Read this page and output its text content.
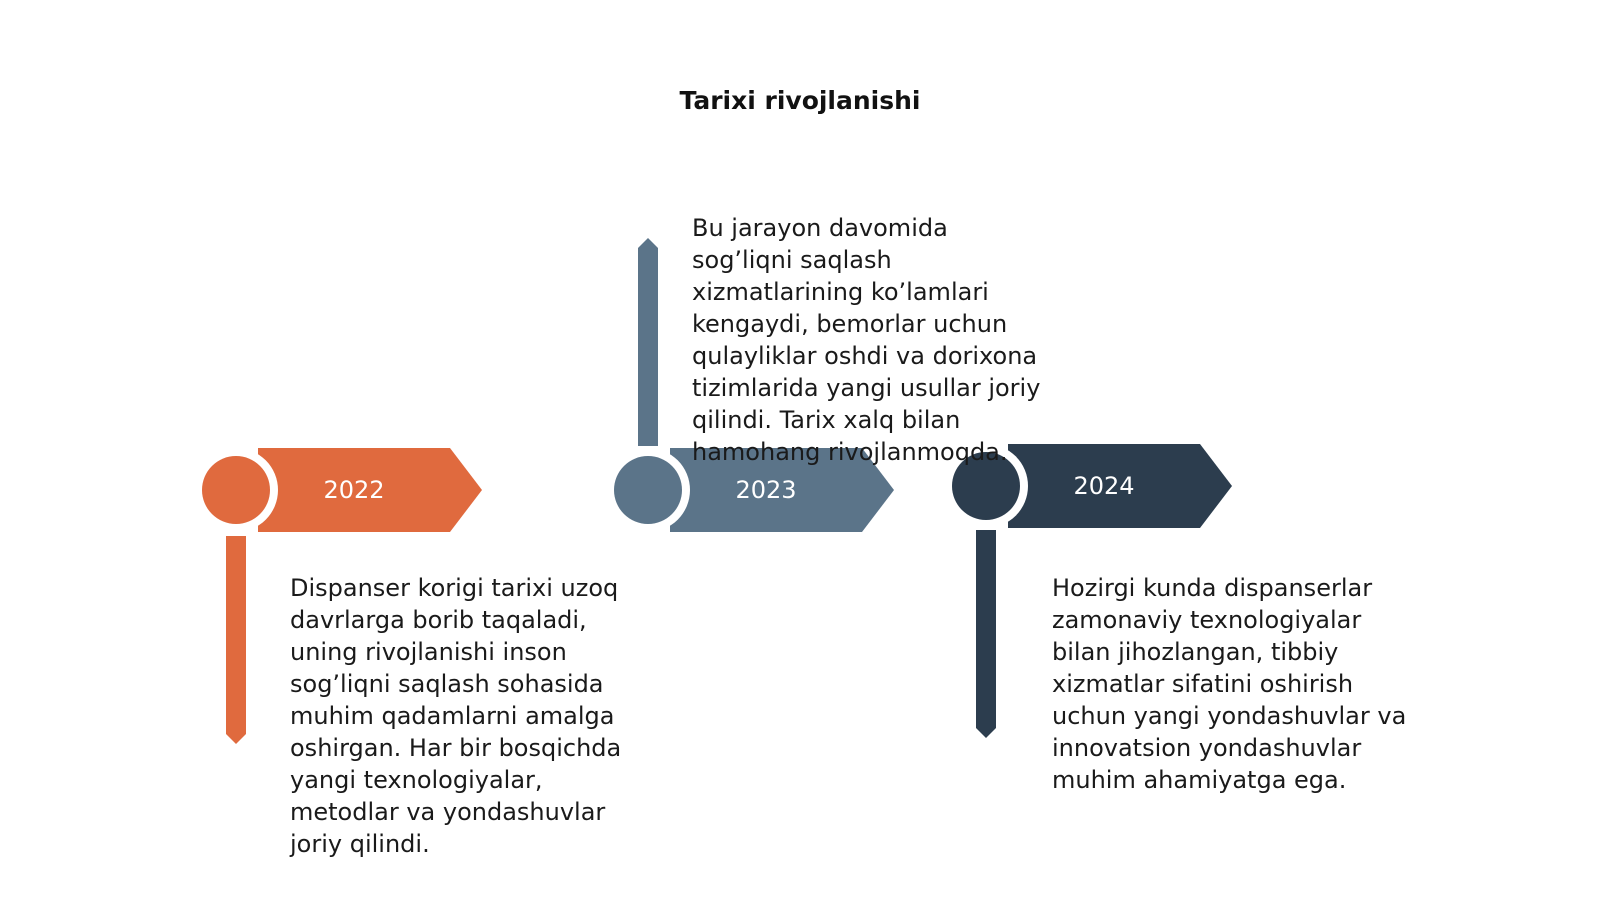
Tarixi rivojlanishi
2022	2023	2024

Dispanser korigi tarixi uzoq davrlarga borib taqaladi, uning rivojlanishi inson sog’liqni saqlash sohasida muhim qadamlarni amalga oshirgan. Har bir bosqichda yangi texnologiyalar, metodlar va yondashuvlar joriy qilindi.

Bu jarayon davomida sog’liqni saqlash xizmatlarining ko’lamlari kengaydi, bemorlar uchun qulayliklar oshdi va dorixona tizimlarida yangi usullar joriy qilindi. Tarix xalq bilan hamohang rivojlanmoqda.

Hozirgi kunda dispanserlar zamonaviy texnologiyalar bilan jihozlangan, tibbiy xizmatlar sifatini oshirish uchun yangi yondashuvlar va innovatsion yondashuvlar muhim ahamiyatga ega.
